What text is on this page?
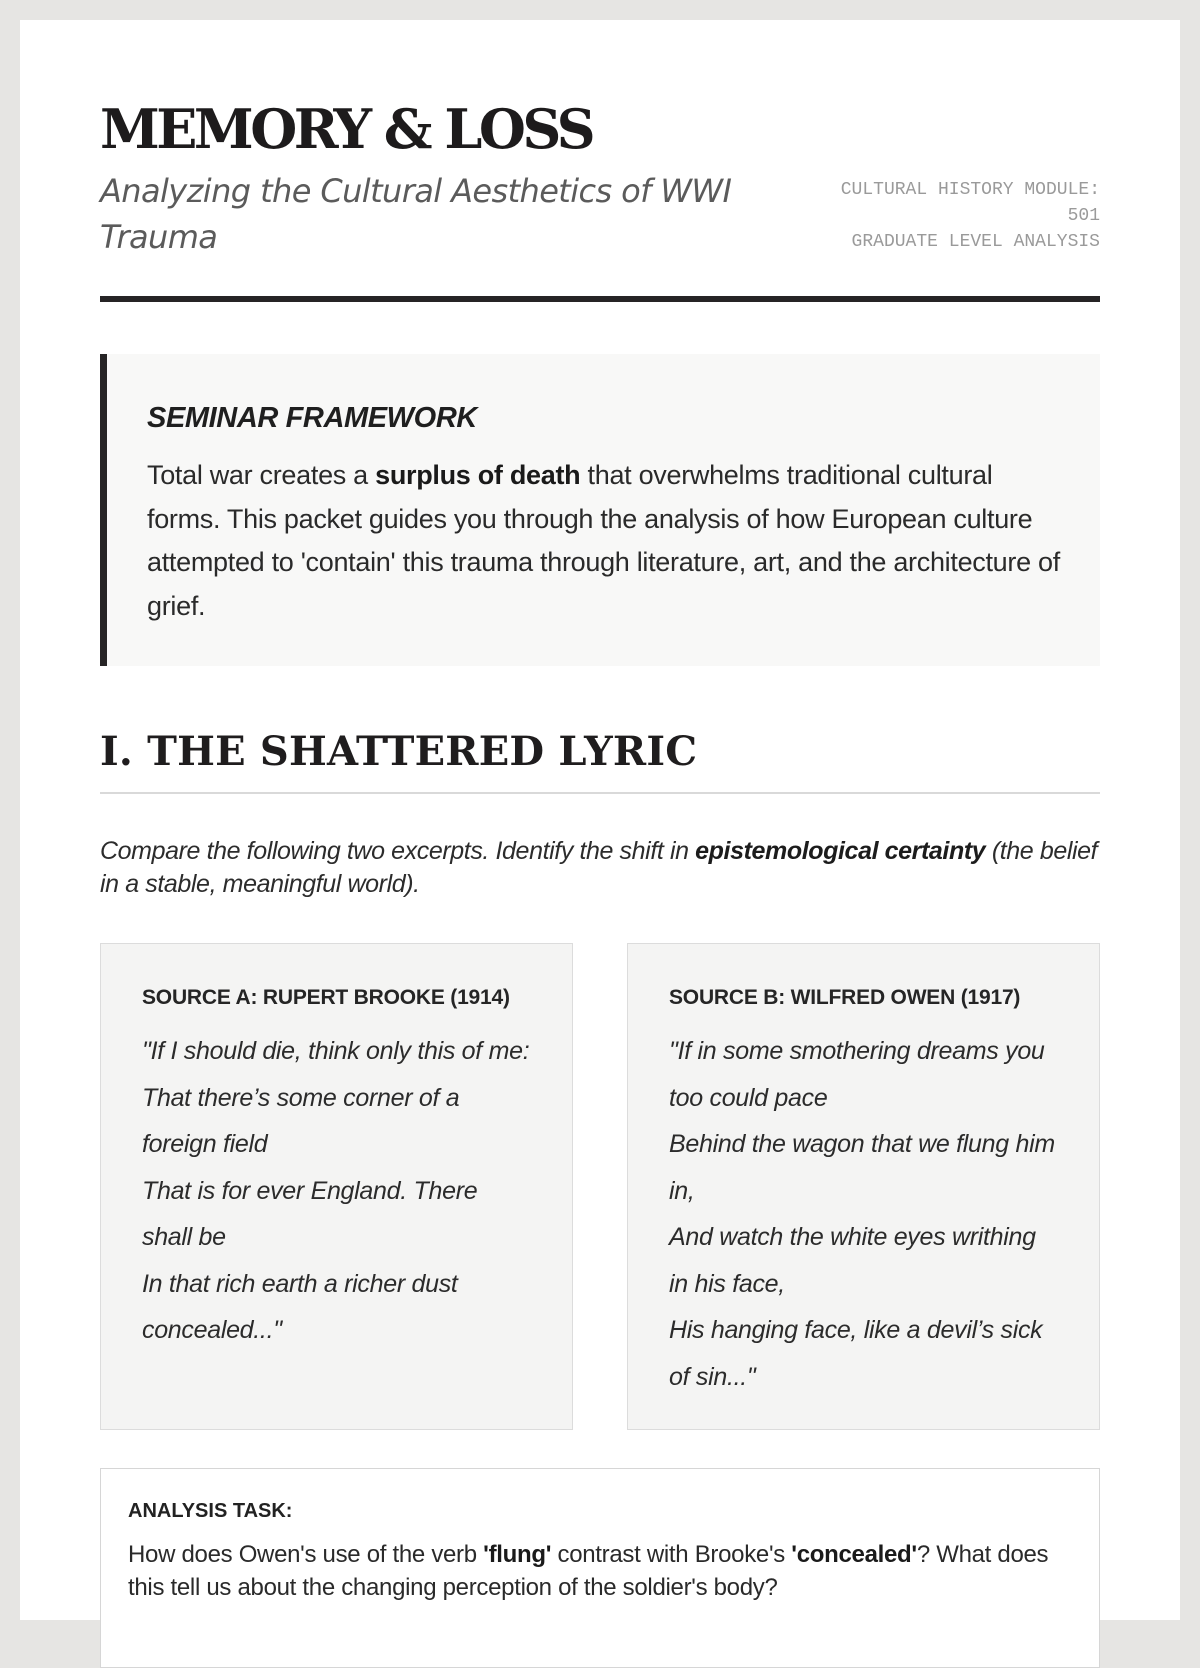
MEMORY & LOSS
Analyzing the Cultural Aesthetics of WWI Trauma
CULTURAL HISTORY MODULE: 501
GRADUATE LEVEL ANALYSIS
SEMINAR FRAMEWORK

Total war creates a surplus of death that overwhelms traditional cultural forms. This packet guides you through the analysis of how European culture attempted to 'contain' this trauma through literature, art, and the architecture of grief.

I. THE SHATTERED LYRIC

Compare the following two excerpts. Identify the shift in epistemological certainty (the belief in a stable, meaningful world).

SOURCE A: RUPERT BROOKE (1914)

"If I should die, think only this of me:

That there’s some corner of a foreign field

That is for ever England. There shall be

In that rich earth a richer dust concealed..."

SOURCE B: WILFRED OWEN (1917)

"If in some smothering dreams you too could pace

Behind the wagon that we flung him in,

And watch the white eyes writhing in his face,

His hanging face, like a devil’s sick of sin..."

ANALYSIS TASK:

How does Owen's use of the verb 'flung' contrast with Brooke's 'concealed'? What does this tell us about the changing perception of the soldier's body?
